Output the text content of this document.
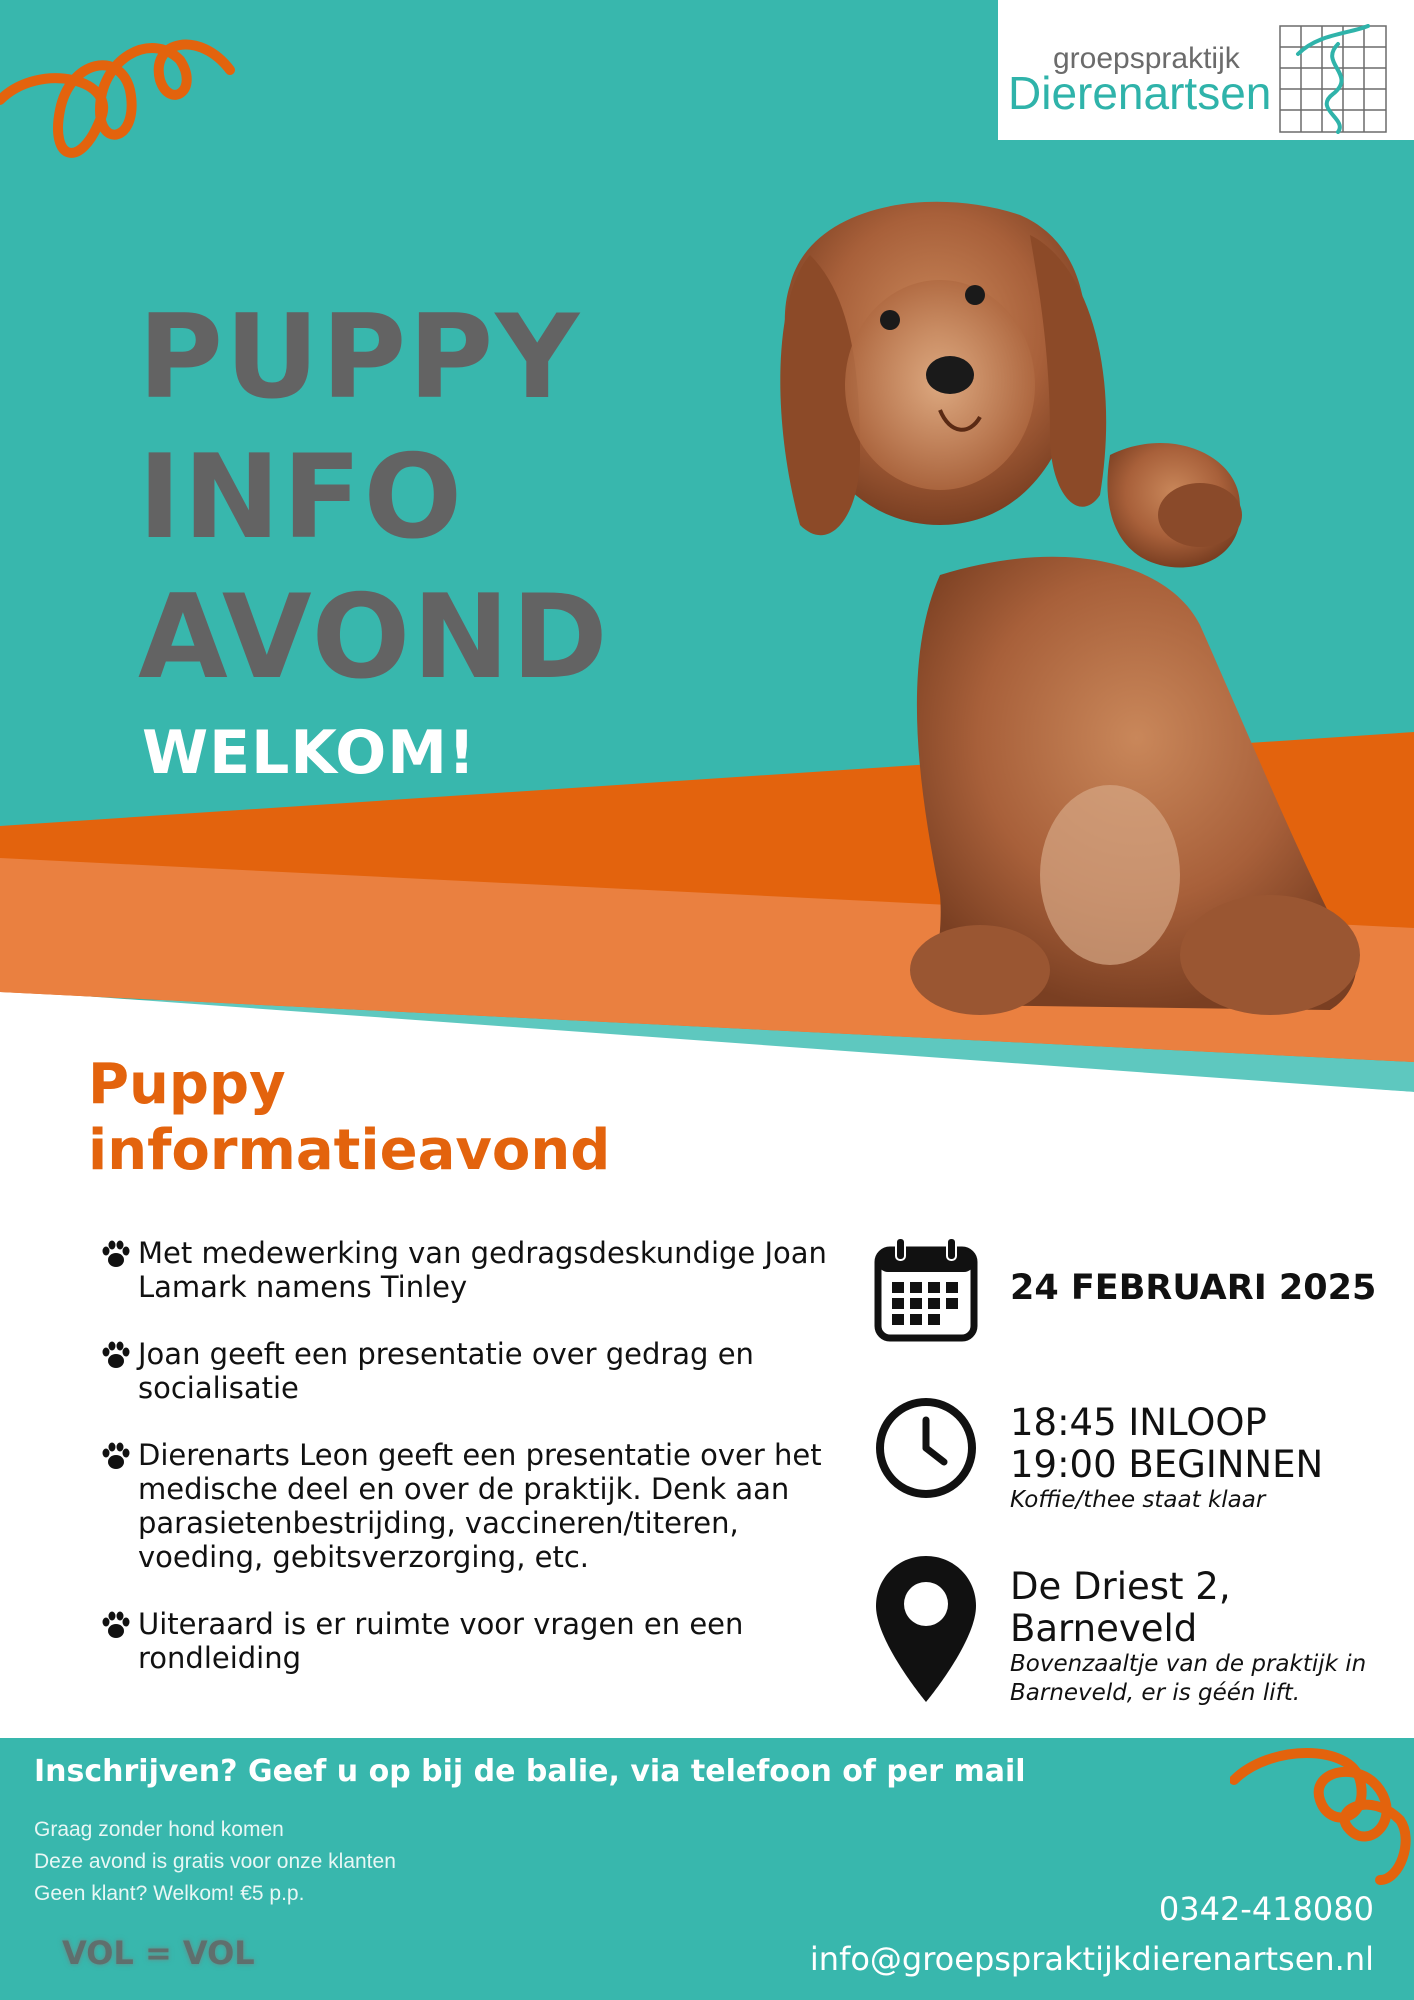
groepspraktijk
Dierenartsen
PUPPY
INFO
AVOND
WELKOM!
Puppy
informatieavond
Met medewerking van gedragsdeskundige Joan Lamark namens Tinley
Joan geeft een presentatie over gedrag en socialisatie
Dierenarts Leon geeft een presentatie over het medische deel en over de praktijk. Denk aan parasietenbestrijding, vaccineren/titeren, voeding, gebitsverzorging, etc.
Uiteraard is er ruimte voor vragen en een rondleiding
24 FEBRUARI 2025
18:45 INLOOP
19:00 BEGINNEN
Koffie/thee staat klaar
De Driest 2,
Barneveld
Bovenzaaltje van de praktijk in
Barneveld, er is géén lift.
Inschrijven? Geef u op bij de balie, via telefoon of per mail
Graag zonder hond komen
Deze avond is gratis voor onze klanten
Geen klant? Welkom! €5 p.p.
VOL = VOL
0342-418080
info@groepspraktijkdierenartsen.nl
